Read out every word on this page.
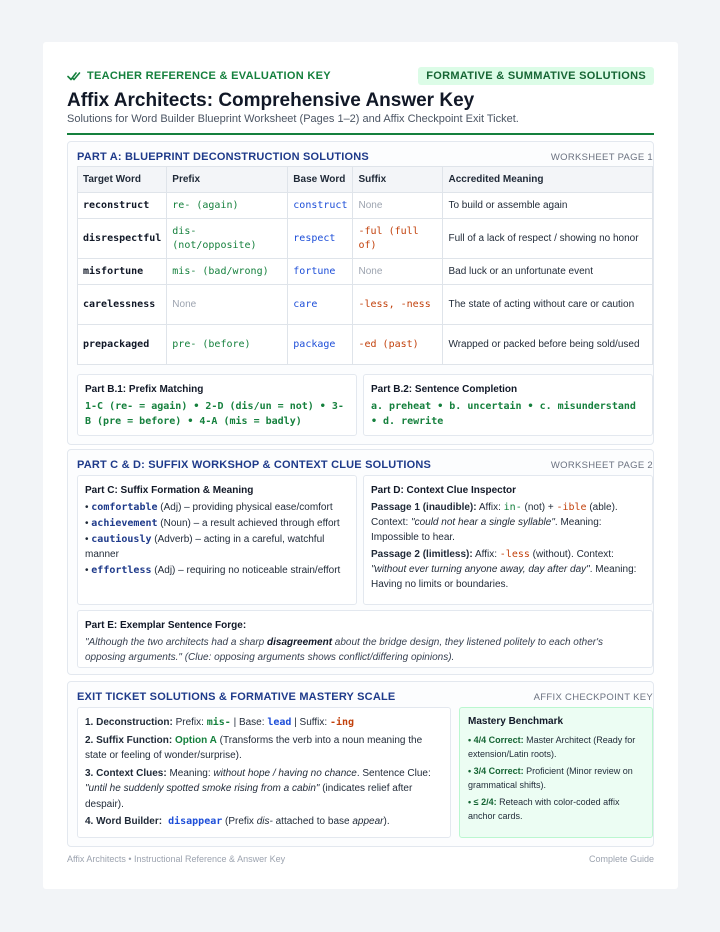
TEACHER REFERENCE & EVALUATION KEY	FORMATIVE & SUMMATIVE SOLUTIONS
Affix Architects: Comprehensive Answer Key
Solutions for Word Builder Blueprint Worksheet (Pages 1–2) and Affix Checkpoint Exit Ticket.
PART A: BLUEPRINT DECONSTRUCTION SOLUTIONS	WORKSHEET PAGE 1
Target Word	Prefix	Base Word	Suffix	Accredited Meaning
reconstruct	re- (again)	construct	None	To build or assemble again
disrespectful	dis- (not/opposite)	respect	-ful (full of)	Full of a lack of respect / showing no honor
misfortune	mis- (bad/wrong)	fortune	None	Bad luck or an unfortunate event
carelessness	None	care	-less, -ness	The state of acting without care or caution
prepackaged	pre- (before)	package	-ed (past)	Wrapped or packed before being sold/used
Part B.1: Prefix Matching
1-C (re- = again) • 2-D (dis/un = not) • 3-B (pre = before) • 4-A (mis = badly)
Part B.2: Sentence Completion
a. preheat • b. uncertain • c. misunderstand • d. rewrite
PART C & D: SUFFIX WORKSHOP & CONTEXT CLUE SOLUTIONS	WORKSHEET PAGE 2
Part C: Suffix Formation & Meaning
• comfortable (Adj) – providing physical ease/comfort
• achievement (Noun) – a result achieved through effort
• cautiously (Adverb) – acting in a careful, watchful manner
• effortless (Adj) – requiring no noticeable strain/effort
Part D: Context Clue Inspector
Passage 1 (inaudible): Affix: in- (not) + -ible (able). Context: "could not hear a single syllable". Meaning: Impossible to hear.
Passage 2 (limitless): Affix: -less (without). Context: "without ever turning anyone away, day after day". Meaning: Having no limits or boundaries.
Part E: Exemplar Sentence Forge:
"Although the two architects had a sharp disagreement about the bridge design, they listened politely to each other's opposing arguments." (Clue: opposing arguments shows conflict/differing opinions).
EXIT TICKET SOLUTIONS & FORMATIVE MASTERY SCALE	AFFIX CHECKPOINT KEY
1. Deconstruction: Prefix: mis- | Base: lead | Suffix: -ing
2. Suffix Function: Option A (Transforms the verb into a noun meaning the state or feeling of wonder/surprise).
3. Context Clues: Meaning: without hope / having no chance. Sentence Clue: "until he suddenly spotted smoke rising from a cabin" (indicates relief after despair).
4. Word Builder: disappear (Prefix dis- attached to base appear).
Mastery Benchmark
• 4/4 Correct: Master Architect (Ready for extension/Latin roots).
• 3/4 Correct: Proficient (Minor review on grammatical shifts).
• ≤ 2/4: Reteach with color-coded affix anchor cards.
Affix Architects • Instructional Reference & Answer Key	Complete Guide
